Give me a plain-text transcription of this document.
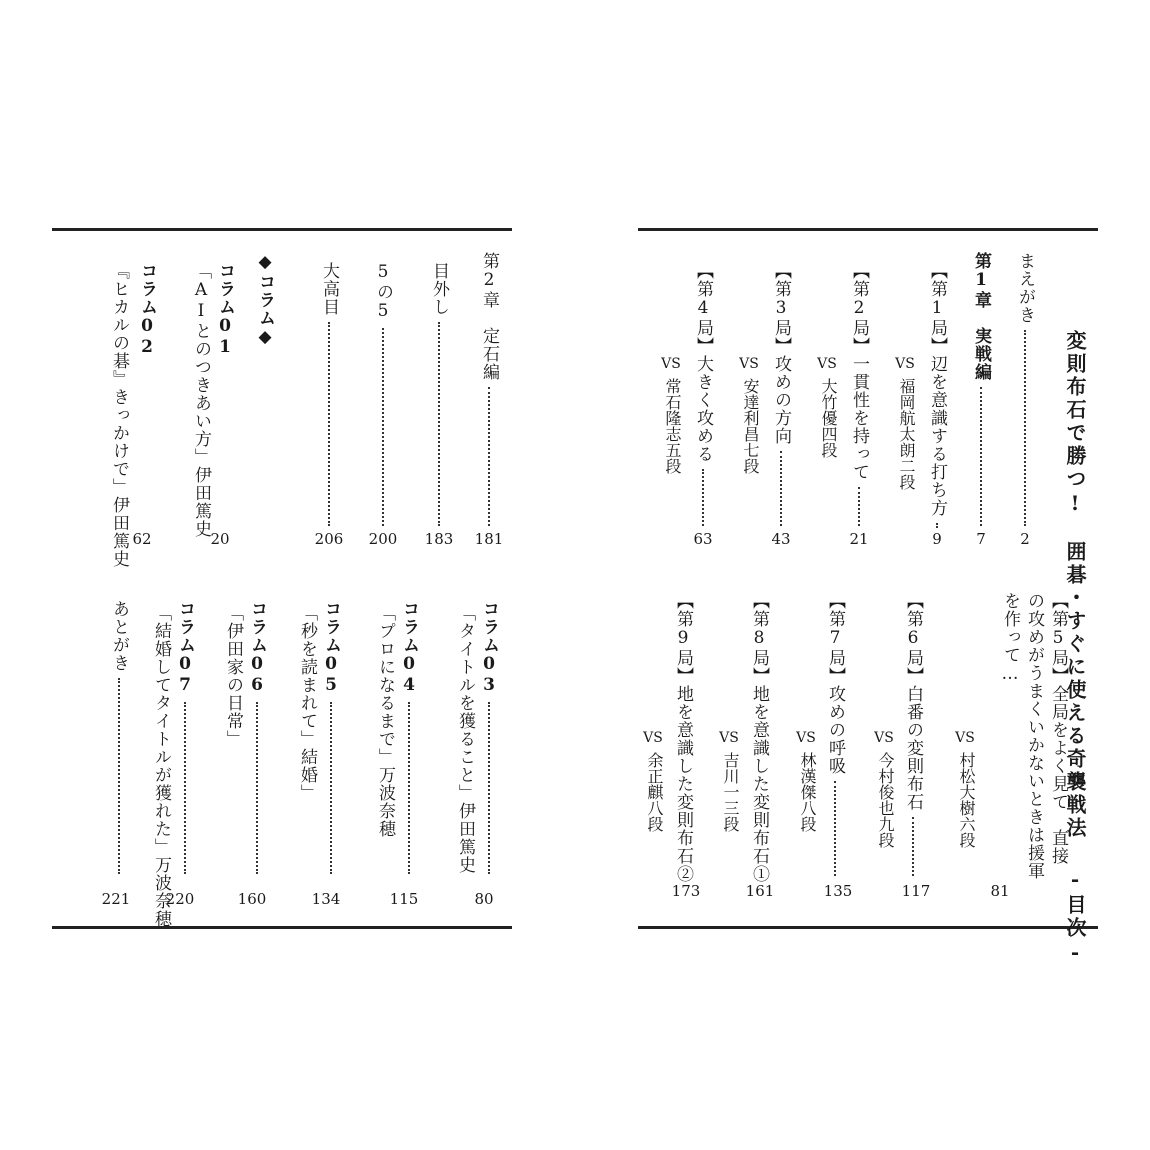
変則布石で勝つ!　囲碁・すぐに使える奇襲戦法 -目次-
まえがき
2
第1章　実戦編
7
【第1局】辺を意識する打ち方
VS
福岡航太朗二段
9
【第2局】一貫性を持って
VS
大竹優四段
21
【第3局】攻めの方向
VS
安達利昌七段
43
【第4局】大きく攻める
VS
常石隆志五段
63
【第5局】全局をよく見て　直接の攻めがうまくいかないときは援軍を作って…
VS
村松大樹六段
81
【第6局】白番の変則布石
VS
今村俊也九段
117
【第7局】攻めの呼吸
VS
林漢傑八段
135
【第8局】地を意識した変則布石①
VS
吉川一三段
161
【第9局】地を意識した変則布石②
VS
余正麒八段
173
第2章　定石編
181
目外し
183
5の5
200
大高目
206
◆コラム◆
コラム01
「AIとのつきあい方」伊田篤史
20
コラム02
『ヒカルの碁』きっかけで」伊田篤史 62
コラム03
「タイトルを獲ること」伊田篤史
80
コラム04
「プロになるまで」万波奈穂
115
コラム05
「秒を読まれて」結婚」
134
コラム06
「伊田家の日常」
160
コラム07
「結婚してタイトルが獲れた」万波奈穂
220
あとがき
221
